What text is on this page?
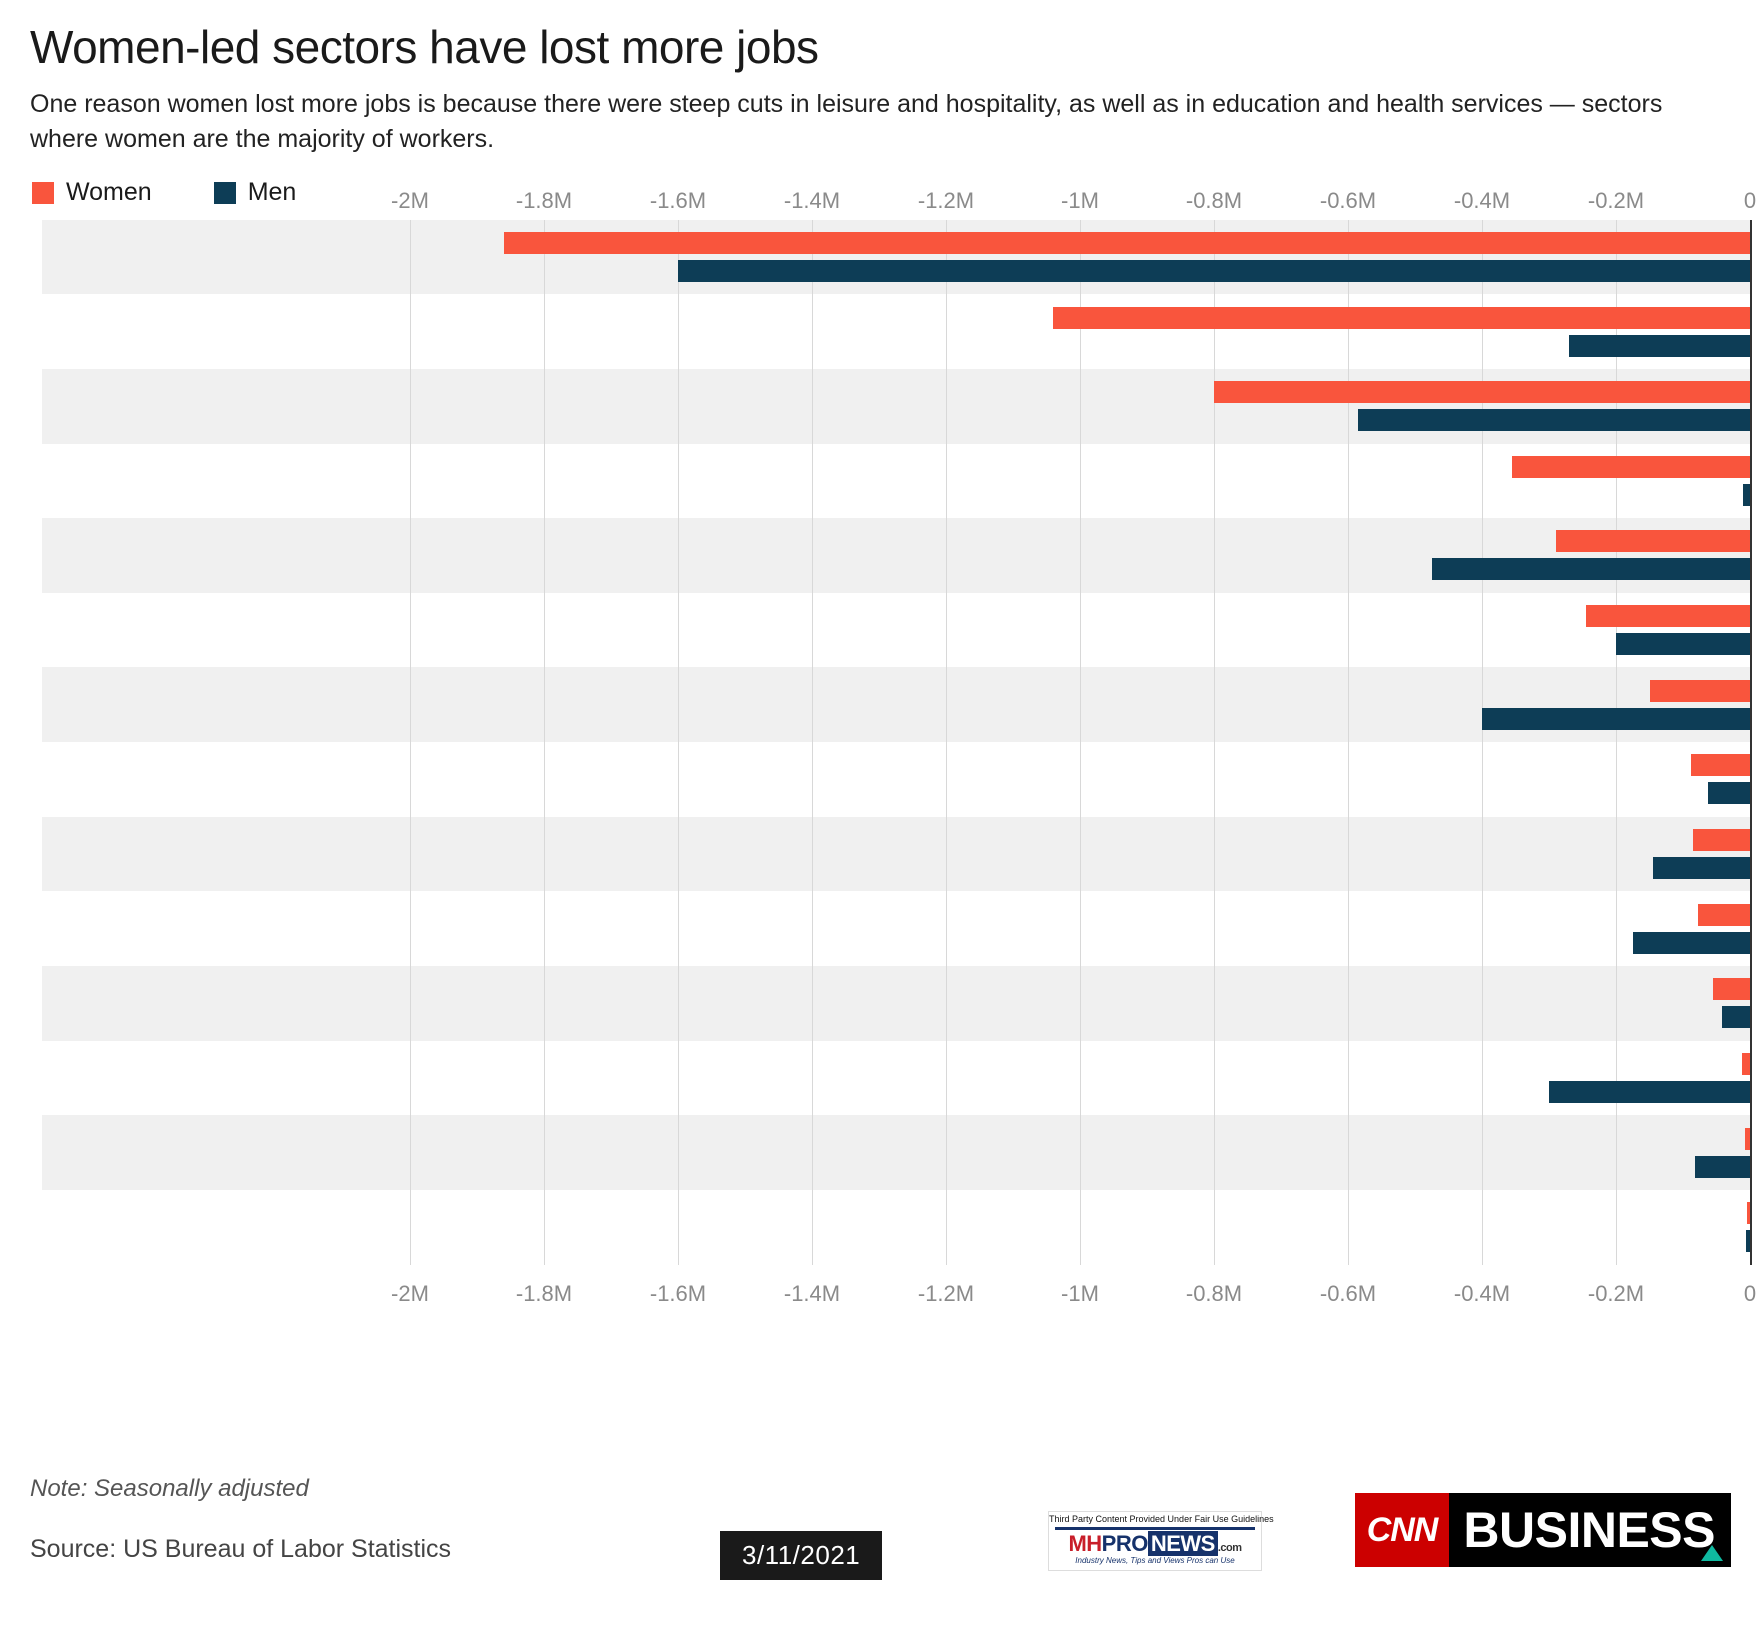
Women-led sectors have lost more jobs

One reason women lost more jobs is because there were steep cuts in leisure and hospitality, as well as in education and health services — sectors where women are the majority of workers.

Women	Men	-2M	-1.8M	-1.6M	-1.4M	-1.2M	-1M	-0.8M	-0.6M	-0.4M	-0.2M	0
-2M	-1.8M	-1.6M	-1.4M	-1.2M	-1M	-0.8M	-0.6M	-0.4M	-0.2M	0
Note: Seasonally adjusted
Source: US Bureau of Labor Statistics	3/11/2021
Third Party Content Provided Under Fair Use Guidelines
MHPRO NEWS .com
Industry News, Tips and Views Pros can Use
CNN BUSINESS
